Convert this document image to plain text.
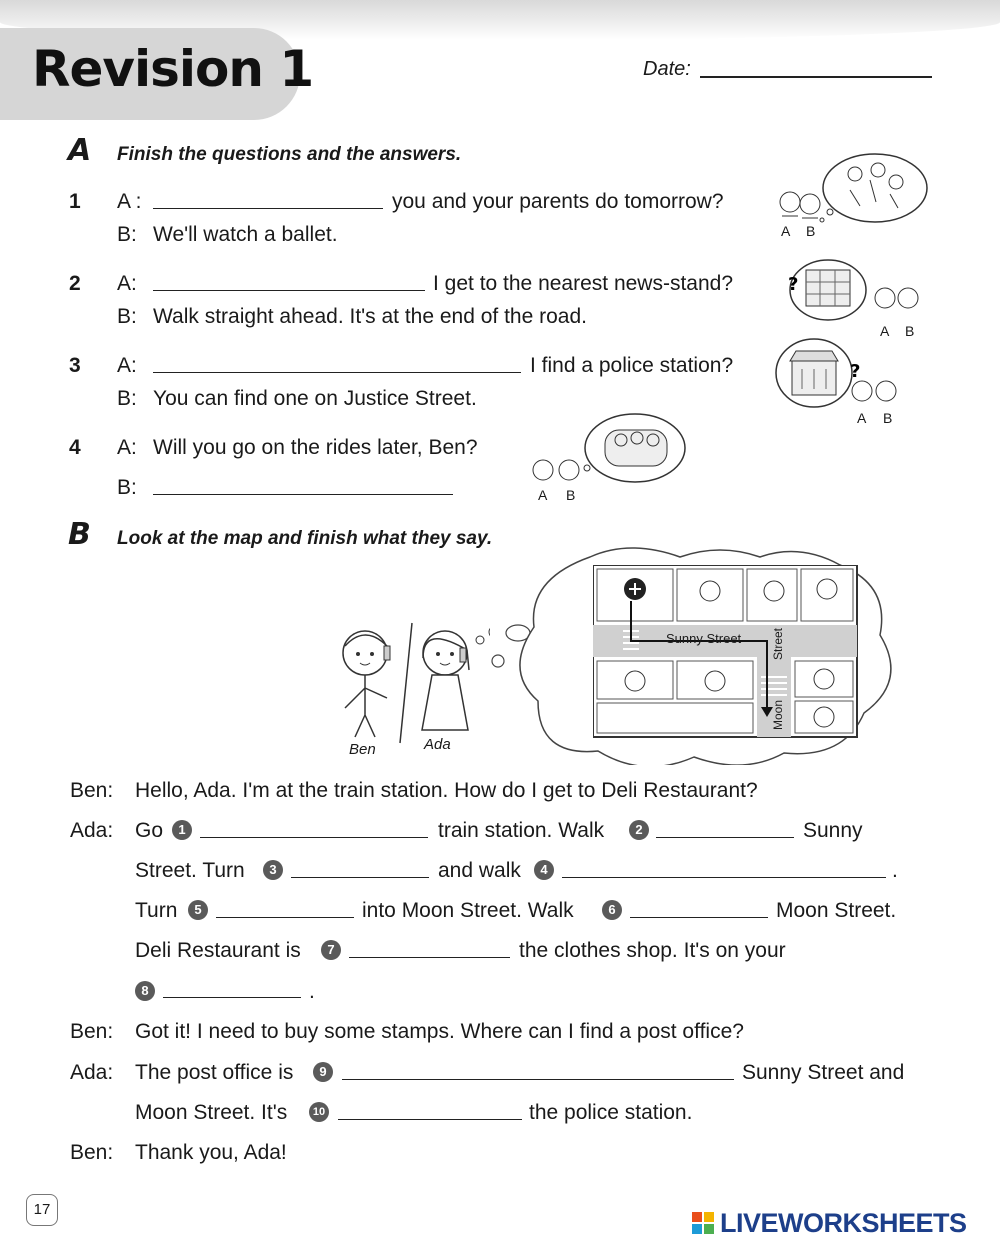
Revision 1	Date:
A Finish the questions and the answers.
1 A :	you and your parents do tomorrow?
B: We'll watch a ballet.
2 A:	I get to the nearest news-stand?
B: Walk straight ahead. It's at the end of the road.
3 A:	I find a police station?
B: You can find one on Justice Street.
4 A: Will you go on the rides later, Ben?
B:
A B
?
A B
?
A B
A B
B Look at the map and finish what they say.
Ben	Ada
Sunny Street Street
Moon
Ben: Hello, Ada. I'm at the train station. How do I get to Deli Restaurant?
Ada: Go	1	train station. Walk	2	Sunny
Street. Turn	3	and walk	4	.
Turn	5	into Moon Street. Walk	6	Moon Street.
Deli Restaurant is	7	the clothes shop. It's on your
8	.
Ben: Got it! I need to buy some stamps. Where can I find a post office?
Ada: The post office is	9	Sunny Street and
Moon Street. It's	10	the police station.
Ben: Thank you, Ada!
17	LIVEWORKSHEETS
